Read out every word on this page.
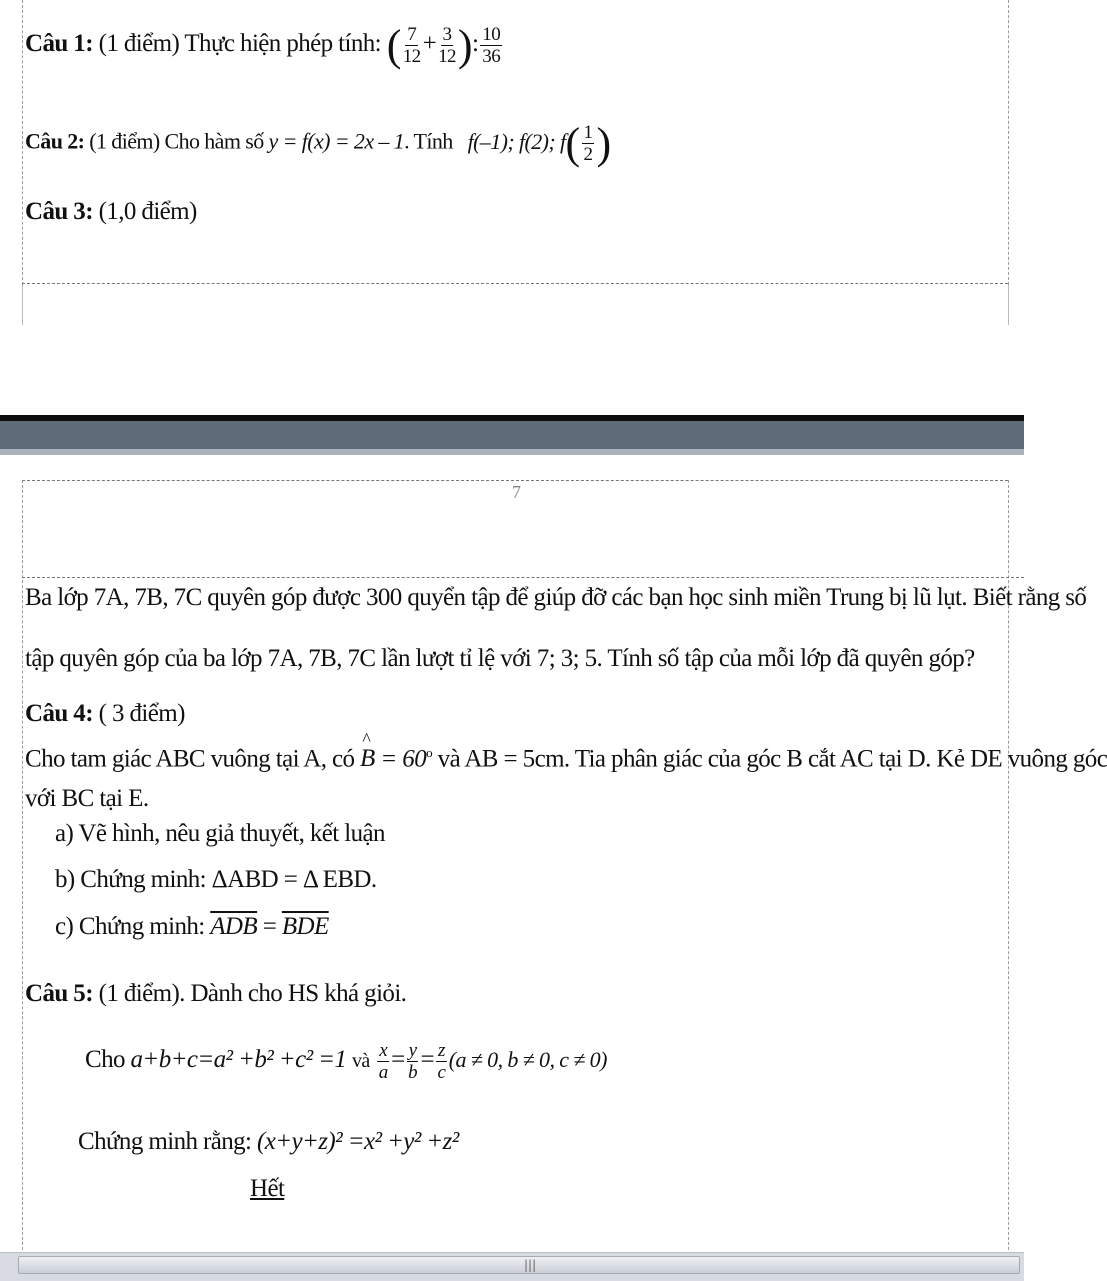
Câu 1: (1 điểm) Thực hiện phép tính: ( $\frac{7}{12} + \frac{3}{12}$ ): $\frac{10}{36}$
Câu 2: (1 điểm) Cho hàm số y = f(x) = 2x – 1. Tính f(–1); f(2); $f( \frac{1}{2}$ )
Câu 3: (1,0 điểm)
7
Ba lớp 7A, 7B, 7C quyên góp được 300 quyển tập để giúp đỡ các bạn học sinh miền Trung bị lũ lụt. Biết rằng số
tập quyên góp của ba lớp 7A, 7B, 7C lần lượt tỉ lệ với 7; 3; 5. Tính số tập của mỗi lớp đã quyên góp?
Câu 4: ( 3 điểm)
Cho tam giác ABC vuông tại A, có ^ $B = 60^o$ và AB = 5cm. Tia phân giác của góc B cắt AC tại D. Kẻ DE vuông góc
với BC tại E.
a) Vẽ hình, nêu giả thuyết, kết luận
b) Chứng minh: ΔABD = Δ EBD.
c) Chứng minh: $\overline{ADB} = \overline{BDE}$
Câu 5: (1 điểm). Dành cho HS khá giỏi.
Cho a+b+c=a² +b² +c² =1 và $\frac{x}{a} = \frac{y}{b} = \frac{z}{c} (a \ne 0$, b ≠ 0, c ≠ 0)
Chứng minh rằng: (x+y+z)² =x² +y² +z²
Hết
|||
